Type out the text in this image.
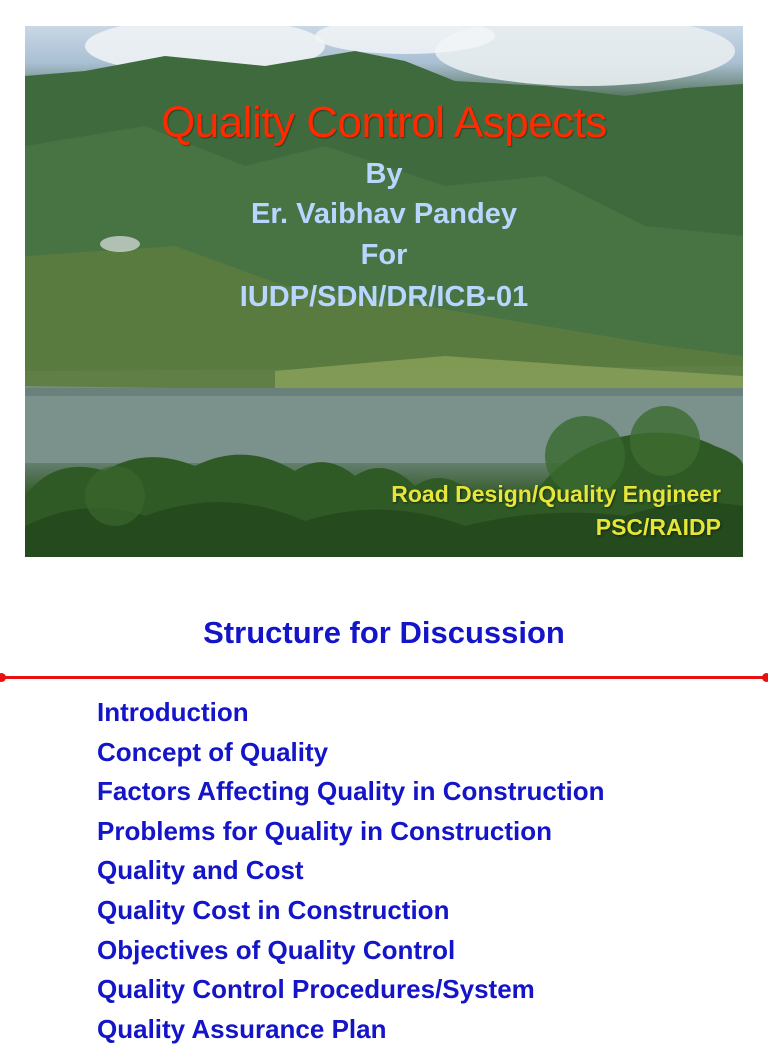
Quality Control Aspects
By
Er. Vaibhav Pandey
For
IUDP/SDN/DR/ICB-01
Road Design/Quality Engineer
PSC/RAIDP
Structure for Discussion
Introduction
Concept of Quality
Factors Affecting Quality in Construction
Problems for Quality in Construction
Quality and Cost
Quality Cost in Construction
Objectives of Quality Control
Quality Control Procedures/System
Quality Assurance Plan
